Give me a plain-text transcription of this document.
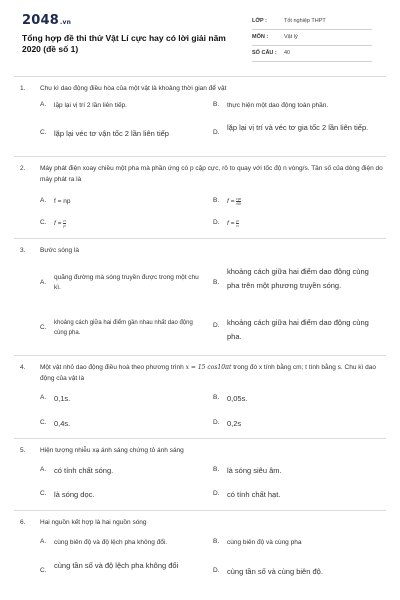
2048.vn
Tổng hợp đề thi thử Vật Lí cực hay có lời giải năm 2020 (đề số 1)
LỚP :	Tốt nghiệp THPT
MÔN :	Vật lý
SỐ CÂU : 40
1. Chu kì dao động điều hòa của một vật là khoảng thời gian để vật
A. lặp lại vị trí 2 lần liên tiếp.	B. thực hiện một dao động toàn phần.
C. lặp lại véc tơ vận tốc 2 lần liên tiếp	D.
lặp lại vị trí và véc tơ gia tốc 2 lần liên tiếp.
2. Máy phát điện xoay chiều một pha mà phần ứng có p cặp cực, rô to quay với tốc độ n vòng/s. Tần số của dòng điện do máy phát ra là
A. f = np	B. $f = \frac{np}{60}$
C. $f = \frac{n}{p}$	D. $f = \frac{p}{n}$
3. Bước sóng là
A.
quãng đường mà sóng truyền được trong một chu kì.
B.
khoảng cách giữa hai điểm dao động cùng pha trên một phương truyền sóng.
C.
khoảng cách giữa hai điểm gần nhau nhất dao động cùng pha.
D. khoảng cách giữa hai điểm dao động cùng pha.
4. Một vật nhỏ dao động điều hoà theo phương trình x = 15 cos10πt trong đó x tính bằng cm; t tính bằng s. Chu kì dao động của vật là
A. 0,1s.	B. 0,05s.
C. 0,4s.	D. 0,2s
5. Hiện tượng nhiễu xạ ánh sáng chứng tỏ ánh sáng
A. có tính chất sóng.	B. là sóng siêu âm.
C. là sóng dọc.	D. có tính chất hạt.
6. Hai nguồn kết hợp là hai nguồn sóng
A. cùng biên độ và độ lệch pha không đổi.	B. cùng biên độ và cùng pha
C.
cùng tần số và độ lệch pha không đổi
D. cùng tần số và cùng biên độ.
